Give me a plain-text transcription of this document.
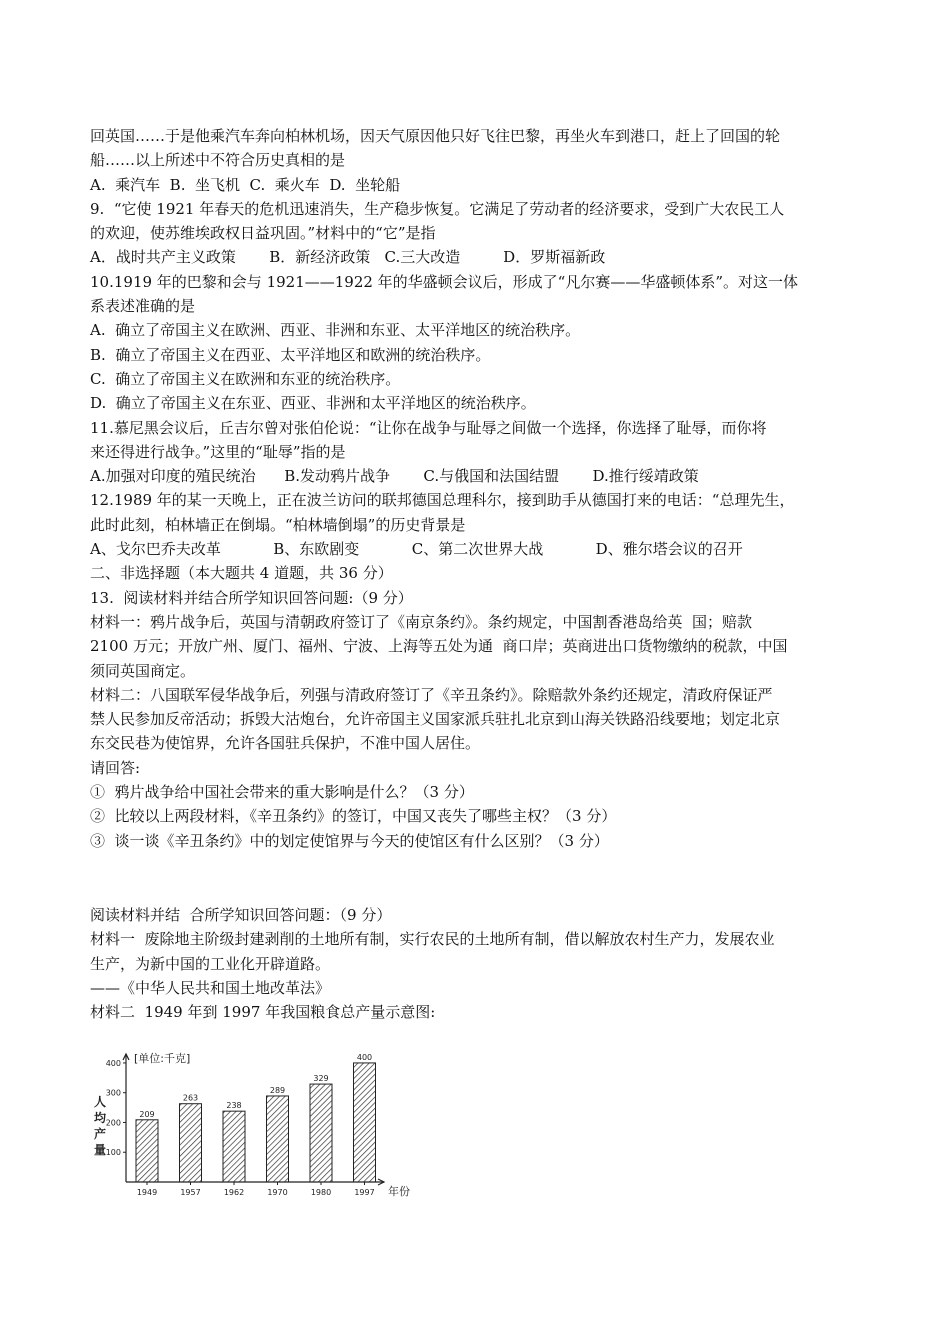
回英国……于是他乘汽车奔向柏林机场，因天气原因他只好飞往巴黎，再坐火车到港口，赶上了回国的轮

船……以上所述中不符合历史真相的是

A.  乘汽车  B.  坐飞机  C.  乘火车  D.  坐轮船

9.  “它使 1921 年春天的危机迅速消失，生产稳步恢复。它满足了劳动者的经济要求，受到广大农民工人

的欢迎，使苏维埃政权日益巩固。”材料中的“它”是指

A．战时共产主义政策       B．新经济政策   C.三大改造         D．罗斯福新政

10.1919 年的巴黎和会与 1921——1922 年的华盛顿会议后，形成了“凡尔赛——华盛顿体系”。对这一体

系表述准确的是

A.  确立了帝国主义在欧洲、西亚、非洲和东亚、太平洋地区的统治秩序。

B.  确立了帝国主义在西亚、太平洋地区和欧洲的统治秩序。

C.  确立了帝国主义在欧洲和东亚的统治秩序。

D.  确立了帝国主义在东亚、西亚、非洲和太平洋地区的统治秩序。

11.慕尼黑会议后，丘吉尔曾对张伯伦说：“让你在战争与耻辱之间做一个选择，你选择了耻辱，而你将

来还得进行战争。”这里的“耻辱”指的是

A.加强对印度的殖民统治      B.发动鸦片战争       C.与俄国和法国结盟       D.推行绥靖政策

12.1989 年的某一天晚上，正在波兰访问的联邦德国总理科尔，接到助手从德国打来的电话：“总理先生，

此时此刻，柏林墙正在倒塌。“柏林墙倒塌”的历史背景是

A、戈尔巴乔夫改革           B、东欧剧变           C、第二次世界大战           D、雅尔塔会议的召开

二、非选择题（本大题共 4 道题，共 36 分）

13.  阅读材料并结合所学知识回答问题:（9 分）

材料一：鸦片战争后，英国与清朝政府签订了《南京条约》。条约规定，中国割香港岛给英  国；赔款

2100 万元；开放广州、厦门、福州、宁波、上海等五处为通  商口岸；英商进出口货物缴纳的税款，中国

须同英国商定。

材料二：八国联军侵华战争后，列强与清政府签订了《辛丑条约》。除赔款外条约还规定，清政府保证严

禁人民参加反帝活动；拆毁大沽炮台，允许帝国主义国家派兵驻扎北京到山海关铁路沿线要地；划定北京

东交民巷为使馆界，允许各国驻兵保护，不准中国人居住。

请回答:

①  鸦片战争给中国社会带来的重大影响是什么？（3 分）

②  比较以上两段材料，《辛丑条约》的签订，中国又丧失了哪些主权？（3 分）

③  谈一谈《辛丑条约》中的划定使馆界与今天的使馆区有什么区别？（3 分）

阅读材料并结  合所学知识回答问题：（9 分）

材料一  废除地主阶级封建剥削的土地所有制，实行农民的土地所有制，借以解放农村生产力，发展农业

生产，为新中国的工业化开辟道路。

——《中华人民共和国土地改革法》

材料二  1949 年到 1997 年我国粮食总产量示意图:

[单位:千克]
100
200
300
400
人
均
产
量
209
1949
263
1957
238
1962
289
1970
329
1980
400
1997 年份
